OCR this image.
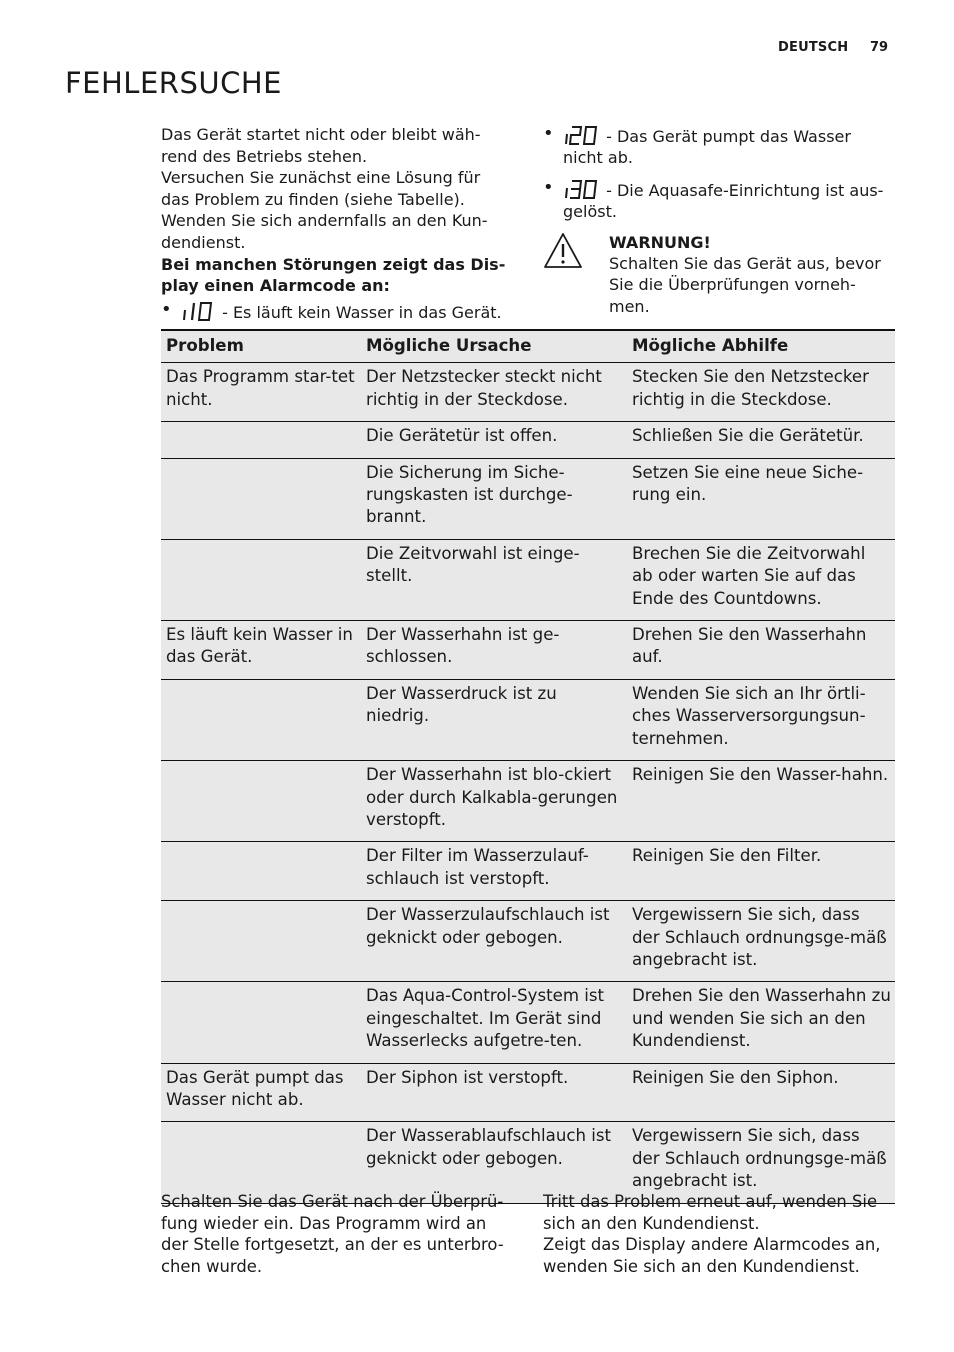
DEUTSCH 79
FEHLERSUCHE

Das Gerät startet nicht oder bleibt wäh-rend des Betriebs stehen.

Versuchen Sie zunächst eine Lösung für das Problem zu finden (siehe Tabelle). Wenden Sie sich andernfalls an den Kun-dendienst.

Bei manchen Störungen zeigt das Dis-play einen Alarmcode an:

•	- Es läuft kein Wasser in das Gerät.
•	- Das Gerät pumpt das Wasser nicht ab.
•	- Die Aquasafe-Einrichtung ist aus-gelöst.

WARNUNG!

Schalten Sie das Gerät aus, bevor Sie die Überprüfungen vorneh-men.

Problem	Mögliche Ursache	Mögliche Abhilfe
Das Programm star-tet nicht.	Der Netzstecker steckt nicht richtig in der Steckdose.	Stecken Sie den Netzstecker richtig in die Steckdose.
	Die Gerätetür ist offen.	Schließen Sie die Gerätetür.
	Die Sicherung im Siche-rungskasten ist durchge-brannt.	Setzen Sie eine neue Siche-rung ein.
	Die Zeitvorwahl ist einge-stellt.	Brechen Sie die Zeitvorwahl ab oder warten Sie auf das Ende des Countdowns.
Es läuft kein Wasser in das Gerät.	Der Wasserhahn ist ge-schlossen.	Drehen Sie den Wasserhahn auf.
	Der Wasserdruck ist zu niedrig.	Wenden Sie sich an Ihr örtli-ches Wasserversorgungsun-ternehmen.
	Der Wasserhahn ist blo-ckiert oder durch Kalkabla-gerungen verstopft.	Reinigen Sie den Wasser-hahn.
	Der Filter im Wasserzulauf-schlauch ist verstopft.	Reinigen Sie den Filter.
	Der Wasserzulaufschlauch ist geknickt oder gebogen.	Vergewissern Sie sich, dass der Schlauch ordnungsge-mäß angebracht ist.
	Das Aqua-Control-System ist eingeschaltet. Im Gerät sind Wasserlecks aufgetre-ten.	Drehen Sie den Wasserhahn zu und wenden Sie sich an den Kundendienst.
Das Gerät pumpt das Wasser nicht ab.	Der Siphon ist verstopft.	Reinigen Sie den Siphon.
	Der Wasserablaufschlauch ist geknickt oder gebogen.	Vergewissern Sie sich, dass der Schlauch ordnungsge-mäß angebracht ist.

Schalten Sie das Gerät nach der Überprü-fung wieder ein. Das Programm wird an der Stelle fortgesetzt, an der es unterbro-chen wurde.

Tritt das Problem erneut auf, wenden Sie sich an den Kundendienst.

Zeigt das Display andere Alarmcodes an, wenden Sie sich an den Kundendienst.
